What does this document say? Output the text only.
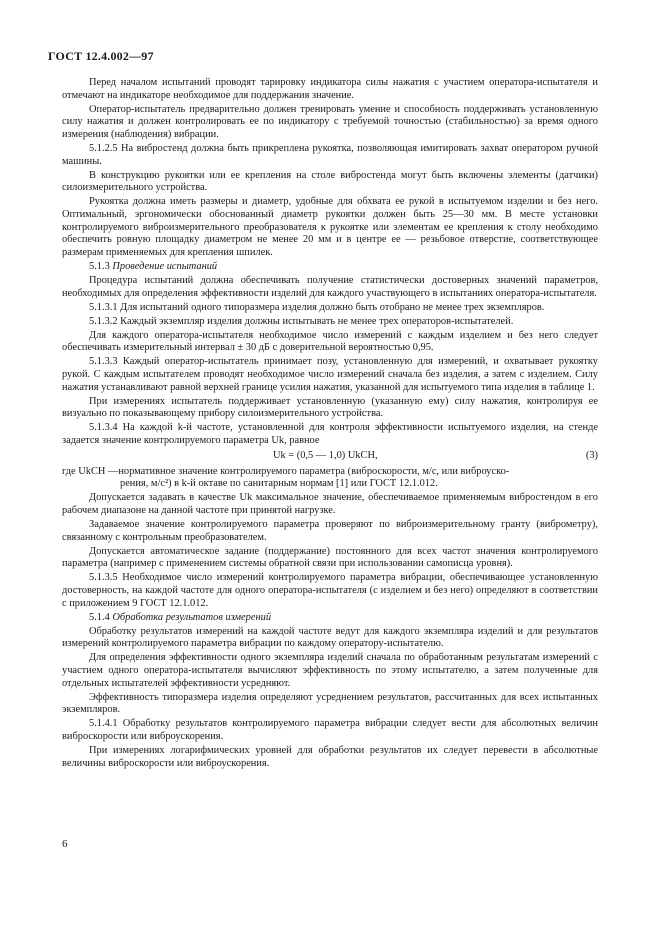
ГОСТ 12.4.002—97

Перед началом испытаний проводят тарировку индикатора силы нажатия с участием оператора-испытателя и отмечают на индикаторе необходимое для поддержания значение.

Оператор-испытатель предварительно должен тренировать умение и способность поддерживать установленную силу нажатия и должен контролировать ее по индикатору с требуемой точностью (стабильностью) за время одного измерения (наблюдения) вибрации.

5.1.2.5 На вибростенд должна быть прикреплена рукоятка, позволяющая имитировать захват оператором ручной машины.

В конструкцию рукоятки или ее крепления на столе вибростенда могут быть включены элементы (датчики) силоизмерительного устройства.

Рукоятка должна иметь размеры и диаметр, удобные для обхвата ее рукой в испытуемом изделии и без него. Оптимальный, эргономически обоснованный диаметр рукоятки должен быть 25—30 мм. В месте установки контролируемого виброизмерительного преобразователя к рукоятке или элементам ее крепления к столу необходимо обеспечить ровную площадку диаметром не менее 20 мм и в центре ее — резьбовое отверстие, соответствующее размерам применяемых для крепления шпилек.

5.1.3 Проведение испытаний

Процедура испытаний должна обеспечивать получение статистически достоверных значений параметров, необходимых для определения эффективности изделий для каждого участвующего в испытаниях оператора-испытателя.

5.1.3.1 Для испытаний одного типоразмера изделия должно быть отобрано не менее трех экземпляров.

5.1.3.2 Каждый экземпляр изделия должны испытывать не менее трех операторов-испытателей.

Для каждого оператора-испытателя необходимое число измерений с каждым изделием и без него следует обеспечивать измерительный интервал ± 30 дБ с доверительной вероятностью 0,95.

5.1.3.3 Каждый оператор-испытатель принимает позу, установленную для измерений, и охватывает рукоятку рукой. С каждым испытателем проводят необходимое число измерений сначала без изделия, а затем с изделием. Силу нажатия устанавливают равной верхней границе усилия нажатия, указанной для испытуемого типа изделия в таблице 1.

При измерениях испытатель поддерживает установленную (указанную ему) силу нажатия, контролируя ее визуально по показывающему прибору силоизмерительного устройства.

5.1.3.4 На каждой k-й частоте, установленной для контроля эффективности испытуемого изделия, на стенде задается значение контролируемого параметра Uk, равное

Uk = (0,5 — 1,0) UkCH,	(3)

где UkCH —нормативное значение контролируемого параметра (виброскорости, м/с, или виброуско-

рения, м/с²) в k-й октаве по санитарным нормам [1] или ГОСТ 12.1.012.

Допускается задавать в качестве Uk максимальное значение, обеспечиваемое применяемым вибростендом в его рабочем диапазоне на данной частоте при принятой нагрузке.

Задаваемое значение контролируемого параметра проверяют по виброизмерительному гранту (виброметру), связанному с контрольным преобразователем.

Допускается автоматическое задание (поддержание) постоянного для всех частот значения контролируемого параметра (например с применением системы обратной связи при использовании самописца уровня).

5.1.3.5 Необходимое число измерений контролируемого параметра вибрации, обеспечивающее установленную достоверность, на каждой частоте для одного оператора-испытателя (с изделием и без него) определяют в соответствии с приложением 9 ГОСТ 12.1.012.

5.1.4 Обработка результатов измерений

Обработку результатов измерений на каждой частоте ведут для каждого экземпляра изделий и для результатов измерений контролируемого параметра вибрации по каждому оператору-испытателю.

Для определения эффективности одного экземпляра изделий сначала по обработанным результатам измерений с участием одного оператора-испытателя вычисляют эффективность по этому испытателю, а затем полученные для отдельных испытателей эффективности усредняют.

Эффективность типоразмера изделия определяют усреднением результатов, рассчитанных для всех испытанных экземпляров.

5.1.4.1 Обработку результатов контролируемого параметра вибрации следует вести для абсолютных величин виброскорости или виброускорения.

При измерениях логарифмических уровней для обработки результатов их следует перевести в абсолютные величины виброскорости или виброускорения.

6
